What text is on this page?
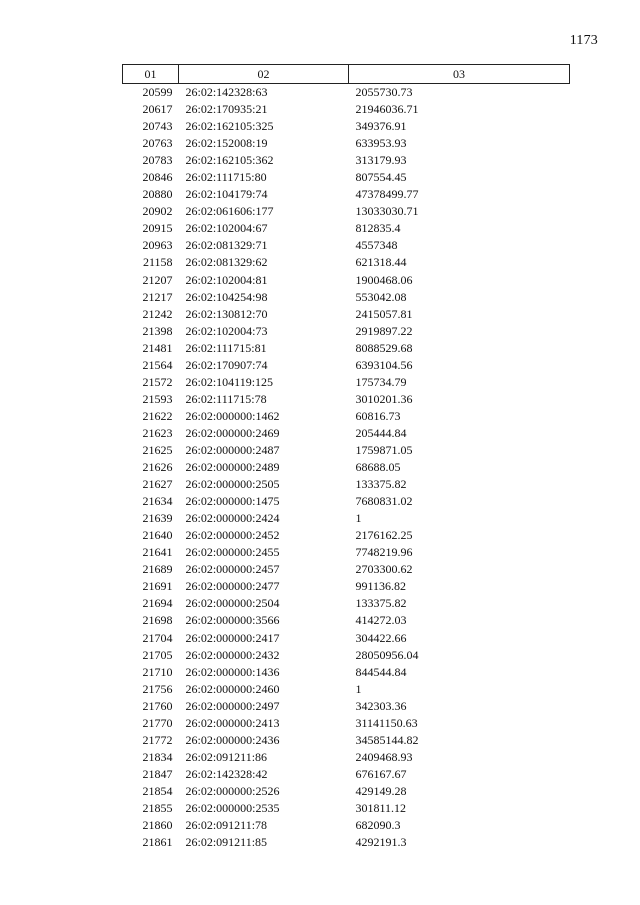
1173
01	02	03
20599	26:02:142328:63	2055730.73
20617	26:02:170935:21	21946036.71
20743	26:02:162105:325	349376.91
20763	26:02:152008:19	633953.93
20783	26:02:162105:362	313179.93
20846	26:02:111715:80	807554.45
20880	26:02:104179:74	47378499.77
20902	26:02:061606:177	13033030.71
20915	26:02:102004:67	812835.4
20963	26:02:081329:71	4557348
21158	26:02:081329:62	621318.44
21207	26:02:102004:81	1900468.06
21217	26:02:104254:98	553042.08
21242	26:02:130812:70	2415057.81
21398	26:02:102004:73	2919897.22
21481	26:02:111715:81	8088529.68
21564	26:02:170907:74	6393104.56
21572	26:02:104119:125	175734.79
21593	26:02:111715:78	3010201.36
21622	26:02:000000:1462	60816.73
21623	26:02:000000:2469	205444.84
21625	26:02:000000:2487	1759871.05
21626	26:02:000000:2489	68688.05
21627	26:02:000000:2505	133375.82
21634	26:02:000000:1475	7680831.02
21639	26:02:000000:2424	1
21640	26:02:000000:2452	2176162.25
21641	26:02:000000:2455	7748219.96
21689	26:02:000000:2457	2703300.62
21691	26:02:000000:2477	991136.82
21694	26:02:000000:2504	133375.82
21698	26:02:000000:3566	414272.03
21704	26:02:000000:2417	304422.66
21705	26:02:000000:2432	28050956.04
21710	26:02:000000:1436	844544.84
21756	26:02:000000:2460	1
21760	26:02:000000:2497	342303.36
21770	26:02:000000:2413	31141150.63
21772	26:02:000000:2436	34585144.82
21834	26:02:091211:86	2409468.93
21847	26:02:142328:42	676167.67
21854	26:02:000000:2526	429149.28
21855	26:02:000000:2535	301811.12
21860	26:02:091211:78	682090.3
21861	26:02:091211:85	4292191.3
